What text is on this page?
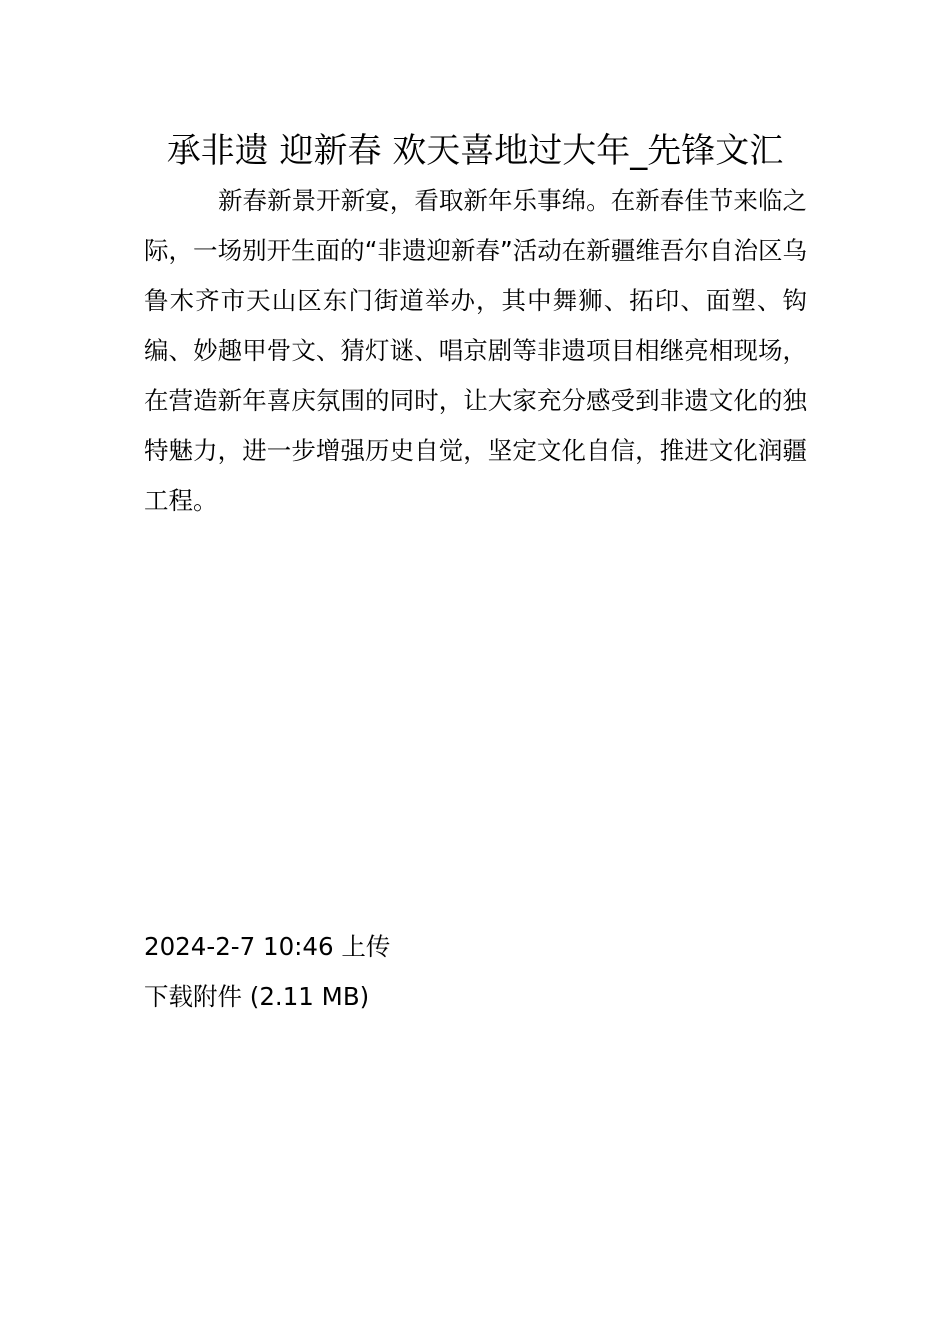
承非遗 迎新春 欢天喜地过大年_先锋文汇

新春新景开新宴，看取新年乐事绵。在新春佳节来临之际，一场别开生面的“非遗迎新春”活动在新疆维吾尔自治区乌鲁木齐市天山区东门街道举办，其中舞狮、拓印、面塑、钩编、妙趣甲骨文、猜灯谜、唱京剧等非遗项目相继亮相现场，在营造新年喜庆氛围的同时，让大家充分感受到非遗文化的独特魅力，进一步增强历史自觉，坚定文化自信，推进文化润疆工程。

2024-2-7 10:46 上传

下载附件 (2.11 MB)
